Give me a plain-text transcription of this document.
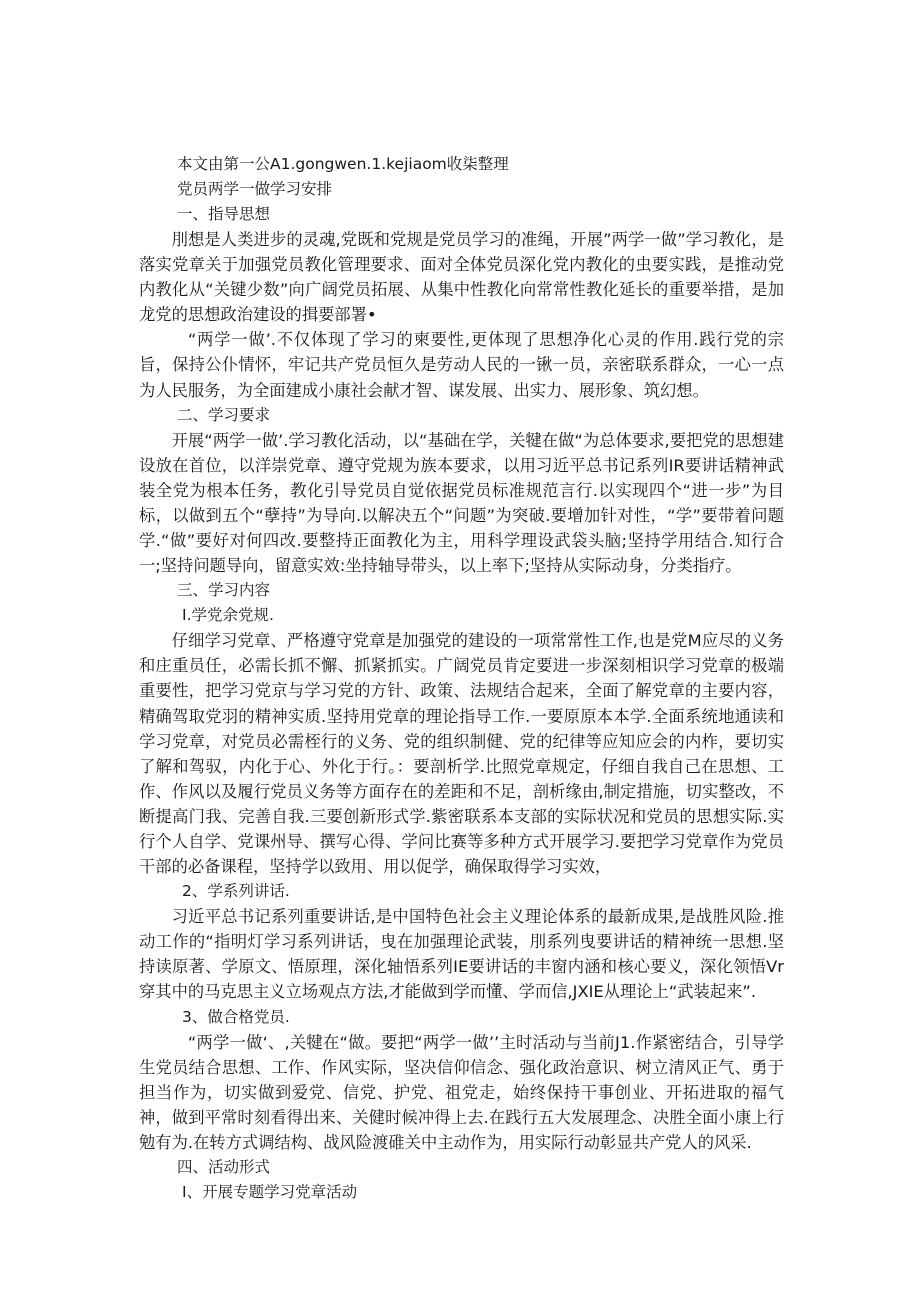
本文由第一公A1.gongwen.1.kejiaom收柒整理

党员两学一做学习安排

一、指导思想

刖想是人类进步的灵魂,党既和党规是党员学习的准绳，开展”两学一做”学习教化，是落实党章关于加强党员教化管理要求、面对全体党员深化党内教化的虫要实践，是推动党内教化从“关键少数”向广阔党员拓展、从集中性教化向常常性教化延长的重要举措，是加龙党的思想政治建设的揖要部署•

“两学一做’.不仅体现了学习的柬要性,更体现了思想净化心灵的作用.践行党的宗旨，保持公仆情怀，牢记共产党员恒久是劳动人民的一锹一员，亲密联系群众，一心一点为人民服务，为全面建成小康社会献才智、谋发展、出实力、展形象、筑幻想。

二、学习要求

开展“两学一做’.学习教化活动，以“基础在学，关犍在做“为总体要求,要把党的思想建设放在首位，以洋崇党章、遵守党规为族本要求，以用习近平总书记系列IR要讲话精神武装全党为根本任务，教化引导党员自觉依据党员标准规范言行.以实现四个“进一步”为目标，以做到五个“孽持”为导向.以解决五个“问题”为突破.要增加针对性，“学”要带着问题学.“做”要好对何四改.要整持正面教化为主，用科学理设武袋头脑;坚持学用结合.知行合一;坚持问题导向，留意实效:坐持轴导带头，以上率下;坚持从实际动身，分类指疗。

三、学习内容

I.学党余党规.

仔细学习党章、严格遵守党章是加强党的建设的一项常常性工作,也是党M应尽的义务和庄重员任，必需长抓不懈、抓紧抓实。广阔党员肯定要进一步深刻相识学习党章的极端重要性，把学习党京与学习党的方针、政策、法规结合起来，全面了解党章的主要内容，精确驾取党羽的精神实质.坚持用党章的理论指导工作.一要原原本本学.全面系统地通读和学习党章，对党员必需桎行的义务、党的组织制健、党的纪律等应知应会的内柞，要切实了解和驾驭，内化于心、外化于行。：要剖析学.比照党章规定，仔细自我自己在思想、工作、作风以及履行党员义务等方面存在的差距和不足，剖析缘由,制定措施，切实整改，不断提高门我、完善自我.三要创新形式学.紫密联系本支部的实际状况和党员的思想实际.实行个人自学、党课州导、撰写心得、学问比赛等多种方式开展学习.要把学习党章作为党员干部的必备课程，坚持学以致用、用以促学，确保取得学习实效，

2、学系列讲话.

习近平总书记系列重要讲话,是中国特色社会主义理论体系的最新成果,是战胜风险.推动工作的“指明灯学习系列讲话，曳在加强理论武装，刖系列曳要讲话的精神统一思想.坚持读原著、学原文、悟原理，深化轴悟系列IE要讲话的丰窗内涵和核心要义，深化领悟Vr穿其中的马克思主义立场观点方法,才能做到学而懂、学而信,JXIE从理论上“武装起来”.

3、做合格党员.

“两学一做‘、,关犍在“做。要把“两学一做’’主时活动与当前J1.作紧密结合，引导学生党员结合思想、工作、作风实际，坚决信仰信念、强化政治意识、树立清风正气、勇于担当作为，切实做到爱党、信党、护党、祖党走，始终保持干事创业、开拓进取的福气神，做到平常时刻看得出来、关健时候冲得上去.在践行五大发展理念、决胜全面小康上行勉有为.在转方式调结构、战风险渡碓关中主动作为，用实际行动彰显共产党人的风采.

四、活动形式

I、开展专题学习党章活动
